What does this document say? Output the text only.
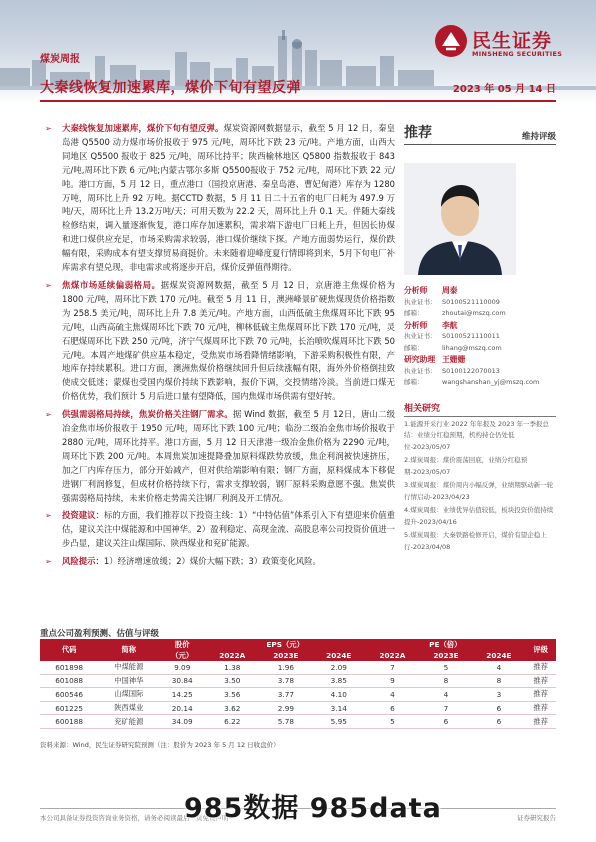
民生证券
MINSHENG SECURITIES
煤炭周报
大秦线恢复加速累库，煤价下旬有望反弹	2023 年 05 月 14 日
➢ 大秦线恢复加速累库，煤价下旬有望反弹。煤炭资源网数据显示，截至 5 月 12 日，秦皇岛港 Q5500 动力煤市场价报收于 975 元/吨，周环比下跌 23 元/吨。产地方面，山西大同地区 Q5500 报收于 825 元/吨，周环比持平；陕西榆林地区 Q5800 指数报收于 843 元/吨,周环比下跌 6 元/吨;内蒙古鄂尔多斯 Q5500报收于 752 元/吨，周环比下跌 22 元/吨。港口方面，5 月 12 日，重点港口（国投京唐港、秦皇岛港、曹妃甸港）库存为 1280 万吨，周环比上升 92 万吨。据CCTD 数据，5 月 11 日二十五省的电厂日耗为 497.9 万吨/天，周环比上升 13.2万吨/天；可用天数为 22.2 天，周环比上升 0.1 天。伴随大秦线检修结束，调入量逐渐恢复，港口库存加速累积，需求端下游电厂日耗上升，但因长协煤和进口煤供应充足，市场采购需求较弱，港口煤价继续下探。产地方面弱势运行，煤价跌幅有限，采购成本有望支撑贸易商挺价。未来随着迎峰度夏行情即将到来，5月下旬电厂补库需求有望兑现，非电需求或将逐步开启，煤价反弹值得期待。
➢ 焦煤市场延续偏弱格局。据煤炭资源网数据，截至 5 月 12 日，京唐港主焦煤价格为 1800 元/吨，周环比下跌 170 元/吨。截至 5 月 11 日，澳洲峰景矿硬焦煤现货价格指数为 258.5 美元/吨，周环比上升 7.8 美元/吨。产地方面，山西低硫主焦煤周环比下跌 95 元/吨，山西高硫主焦煤周环比下跌 70 元/吨，柳林低硫主焦煤周环比下跌 170 元/吨，灵石肥煤周环比下跌 250 元/吨，济宁气煤周环比下跌 70 元/吨，长治喷吹煤周环比下跌 50 元/吨。本周产地煤矿供应基本稳定，受焦炭市场看降情绪影响，下游采购积极性有限，产地库存持续累积。进口方面，澳洲焦煤价格继续回升但后续涨幅有限，海外外价格倒挂致使成交低迷；蒙煤也受国内煤价持续下跌影响，报价下调，交投情绪冷淡。当前进口煤无价格优势，我们预计 5 月后进口量有望降低，国内焦煤市场供需有望好转。
➢ 供强需弱格局持续，焦炭价格关注钢厂需求。据 Wind 数据，截至 5 月 12日，唐山二级冶金焦市场价报收于 1950 元/吨，周环比下跌 100 元/吨；临汾二级冶金焦市场价报收于 2880 元/吨，周环比持平。港口方面，5 月 12 日天津港一级冶金焦价格为 2290 元/吨，周环比下跌 200 元/吨。本周焦炭加速提降叠加原料煤跌势放缓，焦企利润被快速挤压，加之厂内库存压力，部分开始减产，但对供给端影响有限；钢厂方面，原料煤成本下移促进钢厂利润修复，但成材价格持续下行，需求支撑较弱，钢厂原料采购意愿不强。焦炭供强需弱格局持续，未来价格走势需关注钢厂利润及开工情况。
➢ 投资建议：标的方面，我们推荐以下投资主线：1）“中特估值”体系引入下有望迎来价值重估，建议关注中煤能源和中国神华。2）盈利稳定、高现金流、高股息率公司投资价值进一步凸显，建议关注山煤国际、陕西煤业和兖矿能源。
➢ 风险提示：1）经济增速放缓；2）煤价大幅下跌；3）政策变化风险。
推荐	维持评级
分析师	周泰
执业证书： S0100521110009
邮箱：	zhoutai@mszq.com
分析师	李航
执业证书： S0100521110011
邮箱：	lihang@mszq.com
研究助理 王姗姗
执业证书： S0100122070013
邮箱：	wangshanshan_yj@mszq.com
相关研究
1.能源开采行业 2022 年年报及 2023 年一季报总结：业绩分红稳预期，机构持仓仍处低位-2023/05/07
2.煤炭周报：煤价震荡回底，业绩分红稳预期-2023/05/07
3.煤炭周报：煤价周内小幅反弹，业绩期驱动新一轮行情启动-2023/04/23
4.煤炭周报：业绩优异估值较低，板块投资价值持续提升-2023/04/16
5.煤炭周报：大秦铁路检修开启，煤价有望企稳上行-2023/04/08
重点公司盈利预测、估值与评级
代码	简称	股价	EPS（元）			PE（倍）			评级
		（元）	2022A	2023E	2024E	2022A	2023E	2024E	
601898	中煤能源	9.09	1.38	1.96	2.09	7	5	4	推荐
601088	中国神华	30.84	3.50	3.78	3.85	9	8	8	推荐
600546	山煤国际	14.25	3.56	3.77	4.10	4	4	3	推荐
601225	陕西煤业	20.14	3.62	2.99	3.14	6	7	6	推荐
600188	兖矿能源	34.09	6.22	5.78	5.95	5	6	6	推荐
资料来源：Wind，民生证券研究院预测（注：股价为 2023 年 5 月 12 日收盘价）
本公司具备证券投资咨询业务资格，请务必阅读最后一页免责声明	证券研究报告
985数据 985data
